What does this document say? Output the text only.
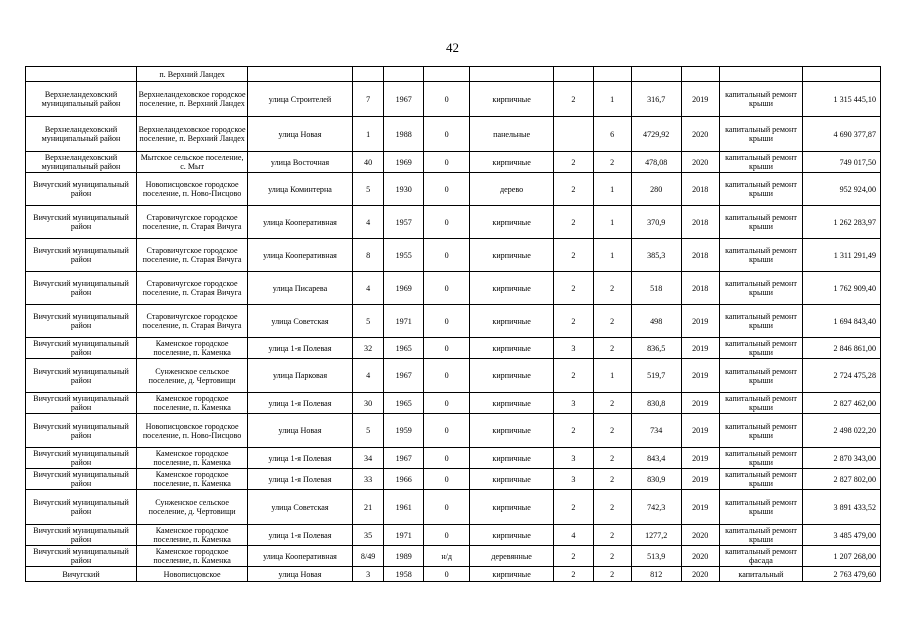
42
	п. Верхний Ландех											
Верхнеландеховский муниципальный район	Верхнеландеховское городское поселение, п. Верхний Ландех	улица Строителей	7	1967	0	кирпичные	2	1	316,7	2019	капитальный ремонт крыши	1 315 445,10
Верхнеландеховский муниципальный район	Верхнеландеховское городское поселение, п. Верхний Ландех	улица Новая	1	1988	0	панельные		6	4729,92	2020	капитальный ремонт крыши	4 690 377,87
Верхнеландеховский муниципальный район	Мытское сельское поселение, с. Мыт	улица Восточная	40	1969	0	кирпичные	2	2	478,08	2020	капитальный ремонт крыши	749 017,50
Вичугский муниципальный район	Новописцовское городское поселение, п. Ново-Писцово	улица Коминтерна	5	1930	0	дерево	2	1	280	2018	капитальный ремонт крыши	952 924,00
Вичугский муниципальный район	Старовичугское городское поселение, п. Старая Вичуга	улица Кооперативная	4	1957	0	кирпичные	2	1	370,9	2018	капитальный ремонт крыши	1 262 283,97
Вичугский муниципальный район	Старовичугское городское поселение, п. Старая Вичуга	улица Кооперативная	8	1955	0	кирпичные	2	1	385,3	2018	капитальный ремонт крыши	1 311 291,49
Вичугский муниципальный район	Старовичугское городское поселение, п. Старая Вичуга	улица Писарева	4	1969	0	кирпичные	2	2	518	2018	капитальный ремонт крыши	1 762 909,40
Вичугский муниципальный район	Старовичугское городское поселение, п. Старая Вичуга	улица Советская	5	1971	0	кирпичные	2	2	498	2019	капитальный ремонт крыши	1 694 843,40
Вичугский муниципальный район	Каменское городское поселение, п. Каменка	улица 1-я Полевая	32	1965	0	кирпичные	3	2	836,5	2019	капитальный ремонт крыши	2 846 861,00
Вичугский муниципальный район	Сунженское сельское поселение, д. Чертовищи	улица Парковая	4	1967	0	кирпичные	2	1	519,7	2019	капитальный ремонт крыши	2 724 475,28
Вичугский муниципальный район	Каменское городское поселение, п. Каменка	улица 1-я Полевая	30	1965	0	кирпичные	3	2	830,8	2019	капитальный ремонт крыши	2 827 462,00
Вичугский муниципальный район	Новописцовское городское поселение, п. Ново-Писцово	улица Новая	5	1959	0	кирпичные	2	2	734	2019	капитальный ремонт крыши	2 498 022,20
Вичугский муниципальный район	Каменское городское поселение, п. Каменка	улица 1-я Полевая	34	1967	0	кирпичные	3	2	843,4	2019	капитальный ремонт крыши	2 870 343,00
Вичугский муниципальный район	Каменское городское поселение, п. Каменка	улица 1-я Полевая	33	1966	0	кирпичные	3	2	830,9	2019	капитальный ремонт крыши	2 827 802,00
Вичугский муниципальный район	Сунженское сельское поселение, д. Чертовищи	улица Советская	21	1961	0	кирпичные	2	2	742,3	2019	капитальный ремонт крыши	3 891 433,52
Вичугский муниципальный район	Каменское городское поселение, п. Каменка	улица 1-я Полевая	35	1971	0	кирпичные	4	2	1277,2	2020	капитальный ремонт крыши	3 485 479,00
Вичугский муниципальный район	Каменское городское поселение, п. Каменка	улица Кооперативная	8/49	1989	н/д	деревянные	2	2	513,9	2020	капитальный ремонт фасада	1 207 268,00
Вичугский	Новописцовское	улица Новая	3	1958	0	кирпичные	2	2	812	2020	капитальный	2 763 479,60
